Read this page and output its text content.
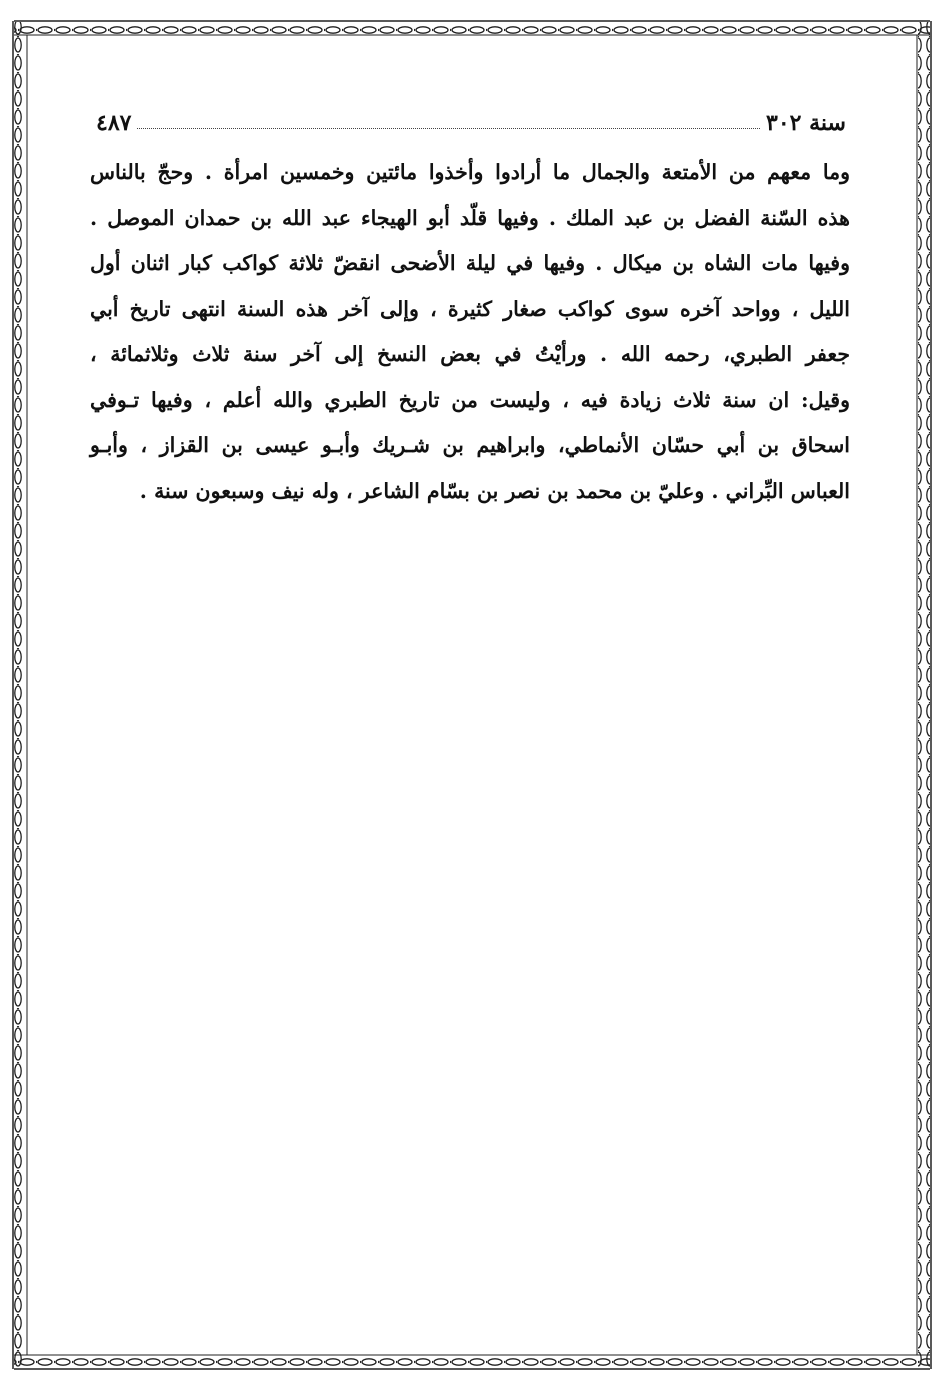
سنة ٣٠٢
٤٨٧
وما معهم من الأمتعة والجمال ما أرادوا وأخذوا مائتين وخمسين امرأة . وحجّ بالناس
هذه السّنة الفضل بن عبد الملك . وفيها قلّد أبو الهيجاء عبد الله بن حمدان الموصل .
وفيها مات الشاه بن ميكال . وفيها في ليلة الأضحى انقضّ ثلاثة كواكب كبار اثنان أول
الليل ، وواحد آخره سوى كواكب صغار كثيرة ، وإلى آخر هذه السنة انتهى تاريخ أبي
جعفر الطبري، رحمه الله . ورأيْتُ في بعض النسخ إلى آخر سنة ثلاث وثلاثمائة ،
وقيل: ان سنة ثلاث زيادة فيه ، وليست من تاريخ الطبري والله أعلم ، وفيها تـوفي
اسحاق بن أبي حسّان الأنماطي، وابراهيم بن شـريك وأبـو عيسى بن القزاز ، وأبـو
العباس البِّراني . وعليّ بن محمد بن نصر بن بسّام الشاعر ، وله نيف وسبعون سنة .
